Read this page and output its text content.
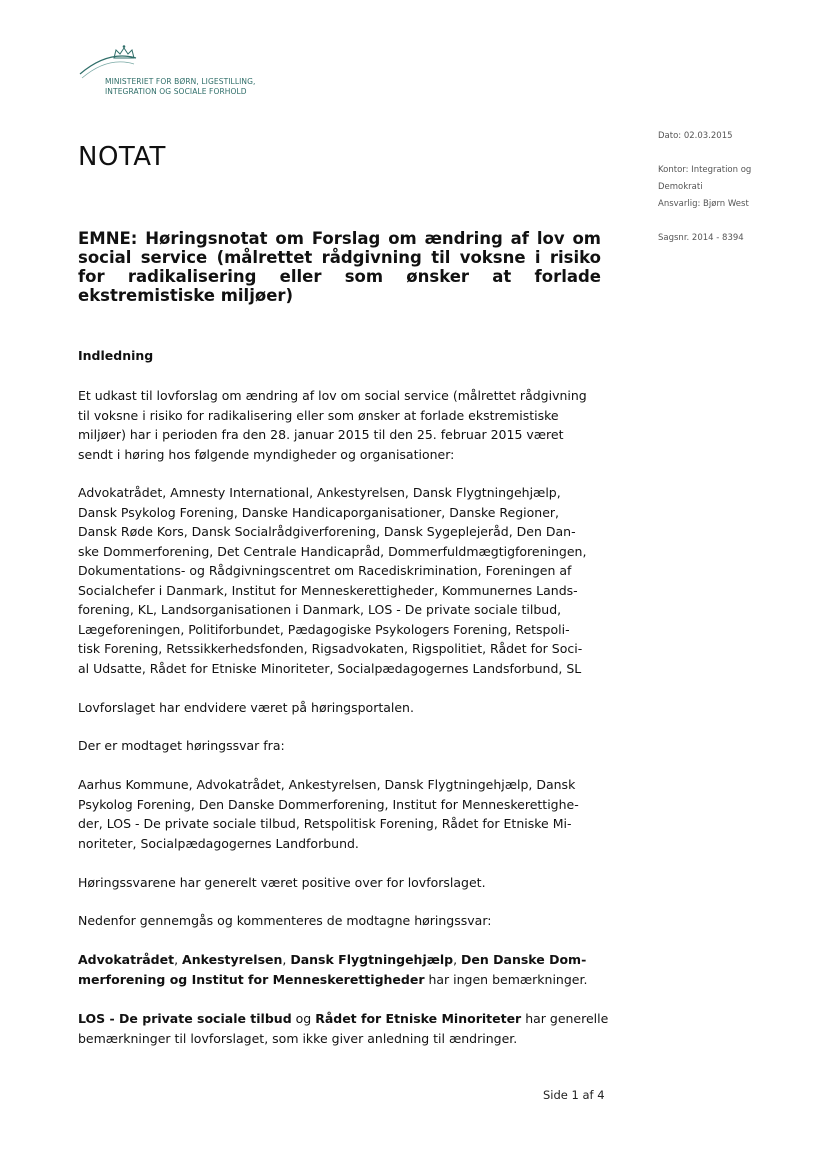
MINISTERIET FOR BØRN, LIGESTILLING,
INTEGRATION OG SOCIALE FORHOLD
NOTAT
Dato: 02.03.2015
Kontor: Integration og
Demokrati
Ansvarlig: Bjørn West
Sagsnr. 2014 - 8394
EMNE: Høringsnotat om Forslag om ændring af lov om social service (målrettet rådgivning til voksne i risiko for radikalisering eller som ønsker at forlade ekstremistiske miljøer)
Indledning
Et udkast til lovforslag om ændring af lov om social service (målrettet rådgivning
til voksne i risiko for radikalisering eller som ønsker at forlade ekstremistiske
miljøer) har i perioden fra den 28. januar 2015 til den 25. februar 2015 været
sendt i høring hos følgende myndigheder og organisationer:
Advokatrådet, Amnesty International, Ankestyrelsen, Dansk Flygtningehjælp,
Dansk Psykolog Forening, Danske Handicaporganisationer, Danske Regioner,
Dansk Røde Kors, Dansk Socialrådgiverforening, Dansk Sygeplejeråd, Den Dan-
ske Dommerforening, Det Centrale Handicapråd, Dommerfuldmægtigforeningen,
Dokumentations- og Rådgivningscentret om Racediskrimination, Foreningen af
Socialchefer i Danmark, Institut for Menneskerettigheder, Kommunernes Lands-
forening, KL, Landsorganisationen i Danmark, LOS - De private sociale tilbud,
Lægeforeningen, Politiforbundet, Pædagogiske Psykologers Forening, Retspoli-
tisk Forening, Retssikkerhedsfonden, Rigsadvokaten, Rigspolitiet, Rådet for Soci-
al Udsatte, Rådet for Etniske Minoriteter, Socialpædagogernes Landsforbund, SL

Lovforslaget har endvidere været på høringsportalen.

Der er modtaget høringssvar fra:

Aarhus Kommune, Advokatrådet, Ankestyrelsen, Dansk Flygtningehjælp, Dansk
Psykolog Forening, Den Danske Dommerforening, Institut for Menneskerettighe-
der, LOS - De private sociale tilbud, Retspolitisk Forening, Rådet for Etniske Mi-
noriteter, Socialpædagogernes Landforbund.

Høringssvarene har generelt været positive over for lovforslaget.

Nedenfor gennemgås og kommenteres de modtagne høringssvar:

Advokatrådet, Ankestyrelsen, Dansk Flygtningehjælp, Den Danske Dom-
merforening og Institut for Menneskerettigheder har ingen bemærkninger.
LOS - De private sociale tilbud og Rådet for Etniske Minoriteter har generelle
bemærkninger til lovforslaget, som ikke giver anledning til ændringer.
Side 1 af 4
